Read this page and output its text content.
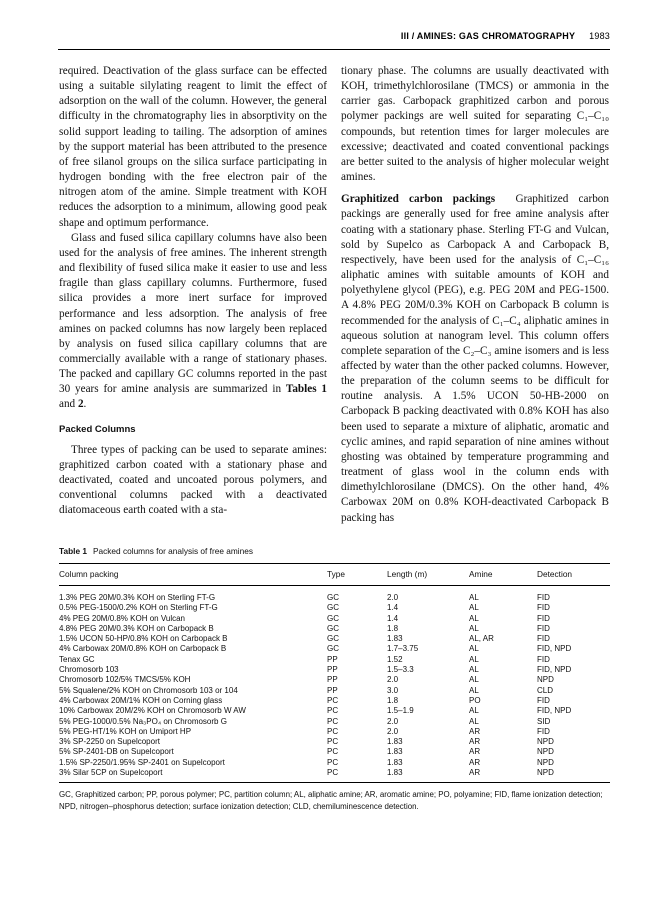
III / AMINES: GAS CHROMATOGRAPHY 1983

required. Deactivation of the glass surface can be effected using a suitable silylating reagent to limit the effect of adsorption on the wall of the column. However, the general difficulty in the chromatography lies in absorptivity on the solid support leading to tailing. The adsorption of amines by the support material has been attributed to the presence of free silanol groups on the silica surface participating in hydrogen bonding with the free electron pair of the nitrogen atom of the amine. Simple treatment with KOH reduces the adsorption to a minimum, allowing good peak shape and optimum performance.

Glass and fused silica capillary columns have also been used for the analysis of free amines. The inherent strength and flexibility of fused silica make it easier to use and less fragile than glass capillary columns. Furthermore, fused silica provides a more inert surface for improved performance and less adsorption. The analysis of free amines on packed columns has now largely been replaced by analysis on fused silica capillary columns that are commercially available with a range of stationary phases. The packed and capillary GC columns reported in the past 30 years for amine analysis are summarized in Tables 1 and 2.

Packed Columns

Three types of packing can be used to separate amines: graphitized carbon coated with a stationary phase and deactivated, coated and uncoated porous polymers, and conventional columns packed with a deactivated diatomaceous earth coated with a sta-

tionary phase. The columns are usually deactivated with KOH, trimethylchlorosilane (TMCS) or ammonia in the carrier gas. Carbopack graphitized carbon and porous polymer packings are well suited for separating C₁–C₁₀ compounds, but retention times for larger molecules are excessive; deactivated and coated conventional packings are better suited to the analysis of higher molecular weight amines.

Graphitized carbon packings Graphitized carbon packings are generally used for free amine analysis after coating with a stationary phase. Sterling FT-G and Vulcan, sold by Supelco as Carbopack A and Carbopack B, respectively, have been used for the analysis of C₁–C₁₆ aliphatic amines with suitable amounts of KOH and polyethylene glycol (PEG), e.g. PEG 20M and PEG-1500. A 4.8% PEG 20M/0.3% KOH on Carbopack B column is recommended for the analysis of C₁–C₄ aliphatic amines in aqueous solution at nanogram level. This column offers complete separation of the C₂–C₃ amine isomers and is less affected by water than the other packed columns. However, the preparation of the column seems to be difficult for routine analysis. A 1.5% UCON 50-HB-2000 on Carbopack B packing deactivated with 0.8% KOH has also been used to separate a mixture of aliphatic, aromatic and cyclic amines, and rapid separation of nine amines without ghosting was obtained by temperature programming and treatment of glass wool in the column ends with dimethylchlorosilane (DMCS). On the other hand, 4% Carbowax 20M on 0.8% KOH-deactivated Carbopack B packing has

Table 1 Packed columns for analysis of free amines
Column packing	Type	Length (m)	Amine	Detection
1.3% PEG 20M/0.3% KOH on Sterling FT-G	GC	2.0	AL	FID
0.5% PEG-1500/0.2% KOH on Sterling FT-G	GC	1.4	AL	FID
4% PEG 20M/0.8% KOH on Vulcan	GC	1.4	AL	FID
4.8% PEG 20M/0.3% KOH on Carbopack B	GC	1.8	AL	FID
1.5% UCON 50-HP/0.8% KOH on Carbopack B	GC	1.83	AL, AR	FID
4% Carbowax 20M/0.8% KOH on Carbopack B	GC	1.7–3.75	AL	FID, NPD
Tenax GC	PP	1.52	AL	FID
Chromosorb 103	PP	1.5–3.3	AL	FID, NPD
Chromosorb 102/5% TMCS/5% KOH	PP	2.0	AL	NPD
5% Squalene/2% KOH on Chromosorb 103 or 104	PP	3.0	AL	CLD
4% Carbowax 20M/1% KOH on Corning glass	PC	1.8	PO	FID
10% Carbowax 20M/2% KOH on Chromosorb W AW	PC	1.5–1.9	AL	FID, NPD
5% PEG-1000/0.5% Na₃PO₄ on Chromosorb G	PC	2.0	AL	SID
5% PEG-HT/1% KOH on Umiport HP	PC	2.0	AR	FID
3% SP-2250 on Supelcoport	PC	1.83	AR	NPD
5% SP-2401-DB on Supelcoport	PC	1.83	AR	NPD
1.5% SP-2250/1.95% SP-2401 on Supelcoport	PC	1.83	AR	NPD
3% Silar 5CP on Supelcoport	PC	1.83	AR	NPD
GC, Graphitized carbon; PP, porous polymer; PC, partition column; AL, aliphatic amine; AR, aromatic amine; PO, polyamine; FID, flame ionization detection; NPD, nitrogen–phosphorus detection; surface ionization detection; CLD, chemiluminescence detection.
